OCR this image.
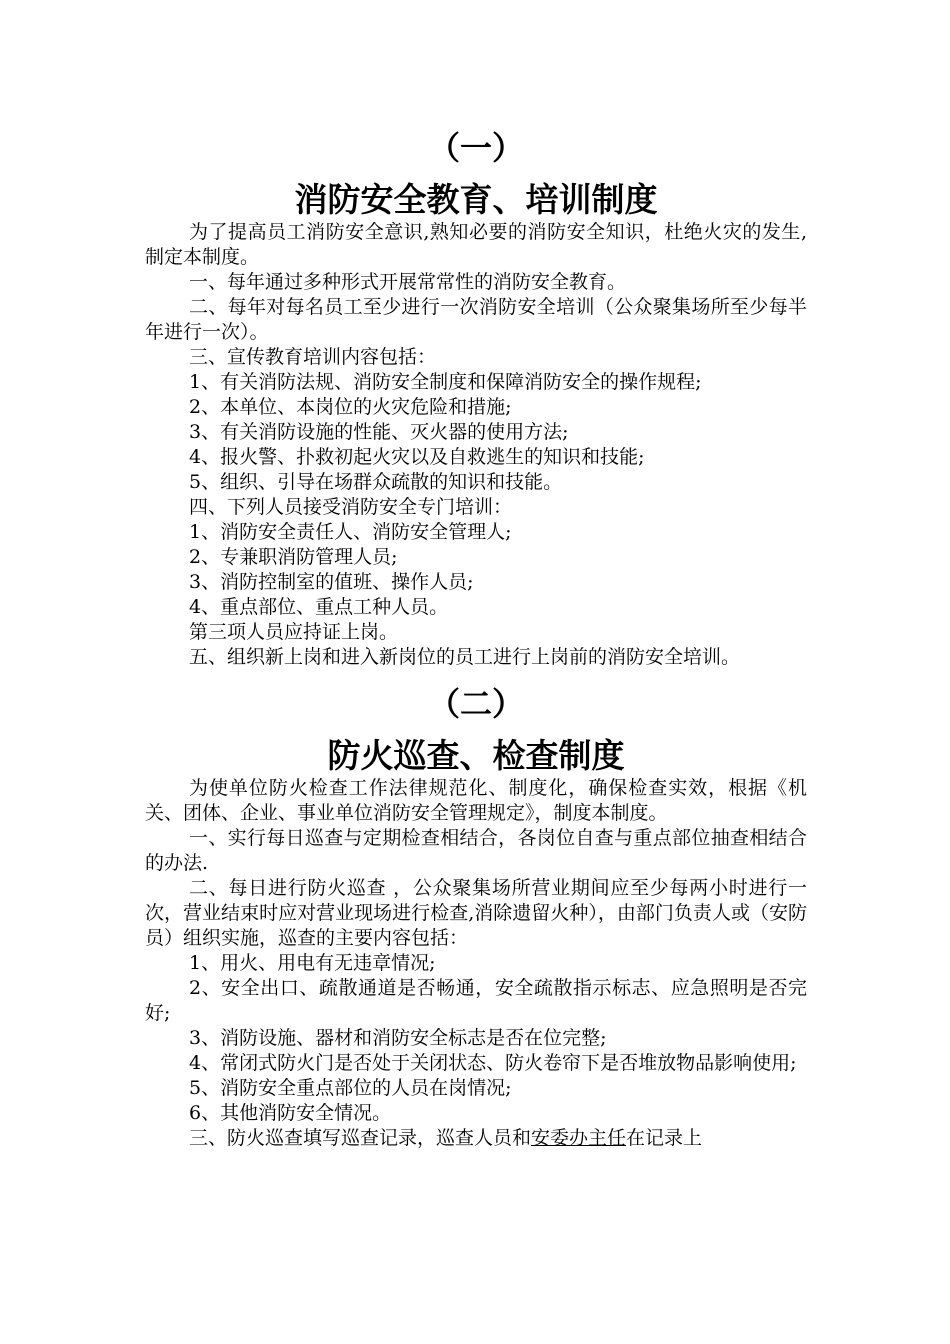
（一）
消防安全教育、培训制度

为了提高员工消防安全意识,熟知必要的消防安全知识，杜绝火灾的发生,制定本制度。

一、每年通过多种形式开展常常性的消防安全教育。

二、每年对每名员工至少进行一次消防安全培训（公众聚集场所至少每半年进行一次）。

三、宣传教育培训内容包括：

1、有关消防法规、消防安全制度和保障消防安全的操作规程;

2、本单位、本岗位的火灾危险和措施;

3、有关消防设施的性能、灭火器的使用方法;

4、报火警、扑救初起火灾以及自救逃生的知识和技能;

5、组织、引导在场群众疏散的知识和技能。

四、下列人员接受消防安全专门培训：

1、消防安全责任人、消防安全管理人;

2、专兼职消防管理人员;

3、消防控制室的值班、操作人员;

4、重点部位、重点工种人员。

第三项人员应持证上岗。

五、组织新上岗和进入新岗位的员工进行上岗前的消防安全培训。

（二）
防火巡查、检查制度

为使单位防火检查工作法律规范化、制度化，确保检查实效，根据《机关、团体、企业、事业单位消防安全管理规定》，制度本制度。

一、实行每日巡查与定期检查相结合，各岗位自查与重点部位抽查相结合的办法.

二、每日进行防火巡查 ，公众聚集场所营业期间应至少每两小时进行一次，营业结束时应对营业现场进行检查,消除遗留火种），由部门负责人或（安防员）组织实施，巡查的主要内容包括：

1、用火、用电有无违章情况;

2、安全出口、疏散通道是否畅通，安全疏散指示标志、应急照明是否完好;

3、消防设施、器材和消防安全标志是否在位完整;

4、常闭式防火门是否处于关闭状态、防火卷帘下是否堆放物品影响使用;

5、消防安全重点部位的人员在岗情况;

6、其他消防安全情况。

三、防火巡查填写巡查记录，巡查人员和安委办主任在记录上
